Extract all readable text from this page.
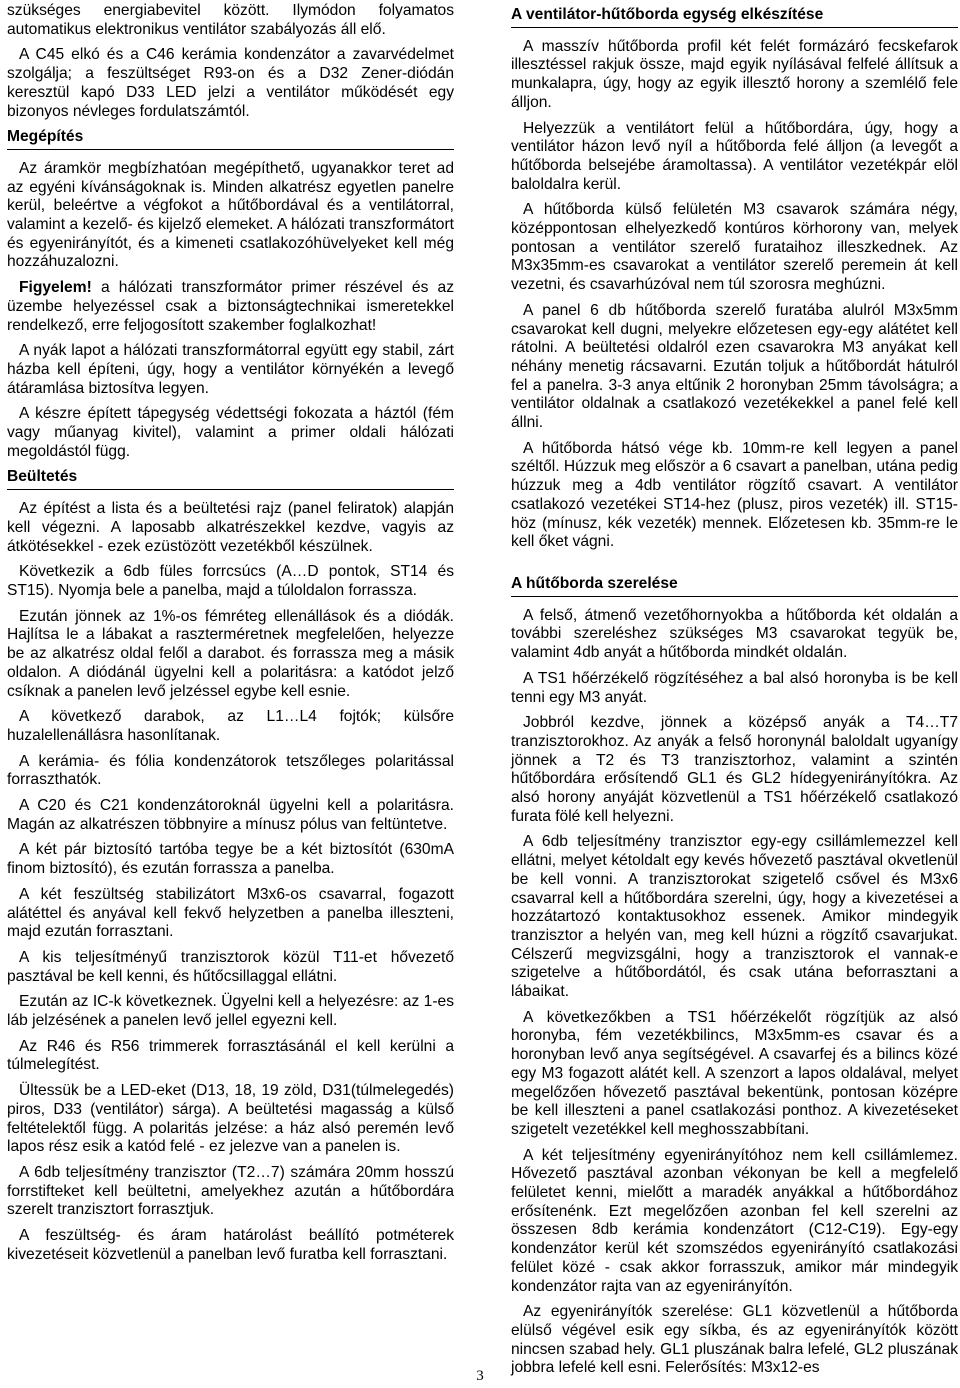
szükséges energiabevitel között. Ilymódon folyamatos automatikus elektronikus ventilátor szabályozás áll elő.

A C45 elkó és a C46 kerámia kondenzátor a zavarvédelmet szolgálja; a feszültséget R93-on és a D32 Zener-diódán keresztül kapó D33 LED jelzi a ventilátor működését egy bizonyos névleges fordulatszámtól.

Megépítés

Az áramkör megbízhatóan megépíthető, ugyanakkor teret ad az egyéni kívánságoknak is. Minden alkatrész egyetlen panelre kerül, beleértve a végfokot a hűtőbordával és a ventilátorral, valamint a kezelő- és kijelző elemeket. A hálózati transzformátort és egyenirányítót, és a kimeneti csatlakozóhüvelyeket kell még hozzáhuzalozni.

Figyelem! a hálózati transzformátor primer részével és az üzembe helyezéssel csak a biztonságtechnikai ismeretekkel rendelkező, erre feljogosított szakember foglalkozhat!

A nyák lapot a hálózati transzformátorral együtt egy stabil, zárt házba kell építeni, úgy, hogy a ventilátor környékén a levegő átáramlása biztosítva legyen.

A készre épített tápegység védettségi fokozata a háztól (fém vagy műanyag kivitel), valamint a primer oldali hálózati megoldástól függ.

Beültetés

Az építést a lista és a beültetési rajz (panel feliratok) alapján kell végezni. A laposabb alkatrészekkel kezdve, vagyis az átkötésekkel - ezek ezüstözött vezetékből készülnek.

Következik a 6db füles forrcsúcs (A…D pontok, ST14 és ST15). Nyomja bele a panelba, majd a túloldalon forrassza.

Ezután jönnek az 1%-os fémréteg ellenállások és a diódák. Hajlítsa le a lábakat a raszterméretnek megfelelően, helyezze be az alkatrész oldal felől a darabot. és forrassza meg a másik oldalon. A diódánál ügyelni kell a polaritásra: a katódot jelző csíknak a panelen levő jelzéssel egybe kell esnie.

A következő darabok, az L1…L4 fojtók; külsőre huzalellenállásra hasonlítanak.

A kerámia- és fólia kondenzátorok tetszőleges polaritással forraszthatók.

A C20 és C21 kondenzátoroknál ügyelni kell a polaritásra. Magán az alkatrészen többnyire a mínusz pólus van feltüntetve.

A két pár biztosító tartóba tegye be a két biztosítót (630mA finom biztosító), és ezután forrassza a panelba.

A két feszültség stabilizátort M3x6-os csavarral, fogazott alátéttel és anyával kell fekvő helyzetben a panelba illeszteni, majd ezután forrasztani.

A kis teljesítményű tranzisztorok közül T11-et hővezető pasztával be kell kenni, és hűtőcsillaggal ellátni.

Ezután az IC-k következnek. Ügyelni kell a helyezésre: az 1-es láb jelzésének a panelen levő jellel egyezni kell.

Az R46 és R56 trimmerek forrasztásánál el kell kerülni a túlmelegítést.

Ültessük be a LED-eket (D13, 18, 19 zöld, D31(túlmelegedés) piros, D33 (ventilátor) sárga). A beültetési magasság a külső feltételektől függ. A polaritás jelzése: a ház alsó peremén levő lapos rész esik a katód felé - ez jelezve van a panelen is.

A 6db teljesítmény tranzisztor (T2…7) számára 20mm hosszú forrstifteket kell beültetni, amelyekhez azután a hűtőbordára szerelt tranzisztort forrasztjuk.

A feszültség- és áram határolást beállító potméterek kivezetéseit közvetlenül a panelban levő furatba kell forrasztani.

A ventilátor-hűtőborda egység elkészítése

A masszív hűtőborda profil két felét formázáró fecskefarok illesztéssel rakjuk össze, majd egyik nyílásával felfelé állítsuk a munkalapra, úgy, hogy az egyik illesztő horony a szemlélő fele álljon.

Helyezzük a ventilátort felül a hűtőbordára, úgy, hogy a ventilátor házon levő nyíl a hűtőborda felé álljon (a levegőt a hűtőborda belsejébe áramoltassa). A ventilátor vezetékpár elöl baloldalra kerül.

A hűtőborda külső felületén M3 csavarok számára négy, középpontosan elhelyezkedő kontúros körhorony van, melyek pontosan a ventilátor szerelő furataihoz illeszkednek. Az M3x35mm-es csavarokat a ventilátor szerelő peremein át kell vezetni, és csavarhúzóval nem túl szorosra meghúzni.

A panel 6 db hűtőborda szerelő furatába alulról M3x5mm csavarokat kell dugni, melyekre előzetesen egy-egy alátétet kell rátolni. A beültetési oldalról ezen csavarokra M3 anyákat kell néhány menetig rácsavarni. Ezután toljuk a hűtőbordát hátulról fel a panelra. 3-3 anya eltűnik 2 horonyban 25mm távolságra; a ventilátor oldalnak a csatlakozó vezetékekkel a panel felé kell állni.

A hűtőborda hátsó vége kb. 10mm-re kell legyen a panel széltől. Húzzuk meg először a 6 csavart a panelban, utána pedig húzzuk meg a 4db ventilátor rögzítő csavart. A ventilátor csatlakozó vezetékei ST14-hez (plusz, piros vezeték) ill. ST15-höz (mínusz, kék vezeték) mennek. Előzetesen kb. 35mm-re le kell őket vágni.

A hűtőborda szerelése

A felső, átmenő vezetőhornyokba a hűtőborda két oldalán a további szereléshez szükséges M3 csavarokat tegyük be, valamint 4db anyát a hűtőborda mindkét oldalán.

A TS1 hőérzékelő rögzítéséhez a bal alsó horonyba is be kell tenni egy M3 anyát.

Jobbról kezdve, jönnek a középső anyák a T4…T7 tranzisztorokhoz. Az anyák a felső horonynál baloldalt ugyanígy jönnek a T2 és T3 tranzisztorhoz, valamint a szintén hűtőbordára erősítendő GL1 és GL2 hídegyenirányítókra. Az alsó horony anyáját közvetlenül a TS1 hőérzékelő csatlakozó furata fölé kell helyezni.

A 6db teljesítmény tranzisztor egy-egy csillámlemezzel kell ellátni, melyet kétoldalt egy kevés hővezető pasztával okvetlenül be kell vonni. A tranzisztorokat szigetelő csővel és M3x6 csavarral kell a hűtőbordára szerelni, úgy, hogy a kivezetései a hozzátartozó kontaktusokhoz essenek. Amikor mindegyik tranzisztor a helyén van, meg kell húzni a rögzítő csavarjukat. Célszerű megvizsgálni, hogy a tranzisztorok el vannak-e szigetelve a hűtőbordától, és csak utána beforrasztani a lábaikat.

A következőkben a TS1 hőérzékelőt rögzítjük az alsó horonyba, fém vezetékbilincs, M3x5mm-es csavar és a horonyban levő anya segítségével. A csavarfej és a bilincs közé egy M3 fogazott alátét kell. A szenzort a lapos oldalával, melyet megelőzően hővezető pasztával bekentünk, pontosan középre be kell illeszteni a panel csatlakozási ponthoz. A kivezetéseket szigetelt vezetékkel kell meghosszabbítani.

A két teljesítmény egyenirányítóhoz nem kell csillámlemez. Hővezető pasztával azonban vékonyan be kell a megfelelő felületet kenni, mielőtt a maradék anyákkal a hűtőbordához erősítenénk. Ezt megelőzően azonban fel kell szerelni az összesen 8db kerámia kondenzátort (C12-C19). Egy-egy kondenzátor kerül két szomszédos egyenirányító csatlakozási felület közé - csak akkor forrasszuk, amikor már mindegyik kondenzátor rajta van az egyenirányítón.

Az egyenirányítók szerelése: GL1 közvetlenül a hűtőborda elülső végével esik egy síkba, és az egyenirányítók között nincsen szabad hely. GL1 pluszának balra lefelé, GL2 pluszának jobbra lefelé kell esni. Felerősítés: M3x12-es

3
